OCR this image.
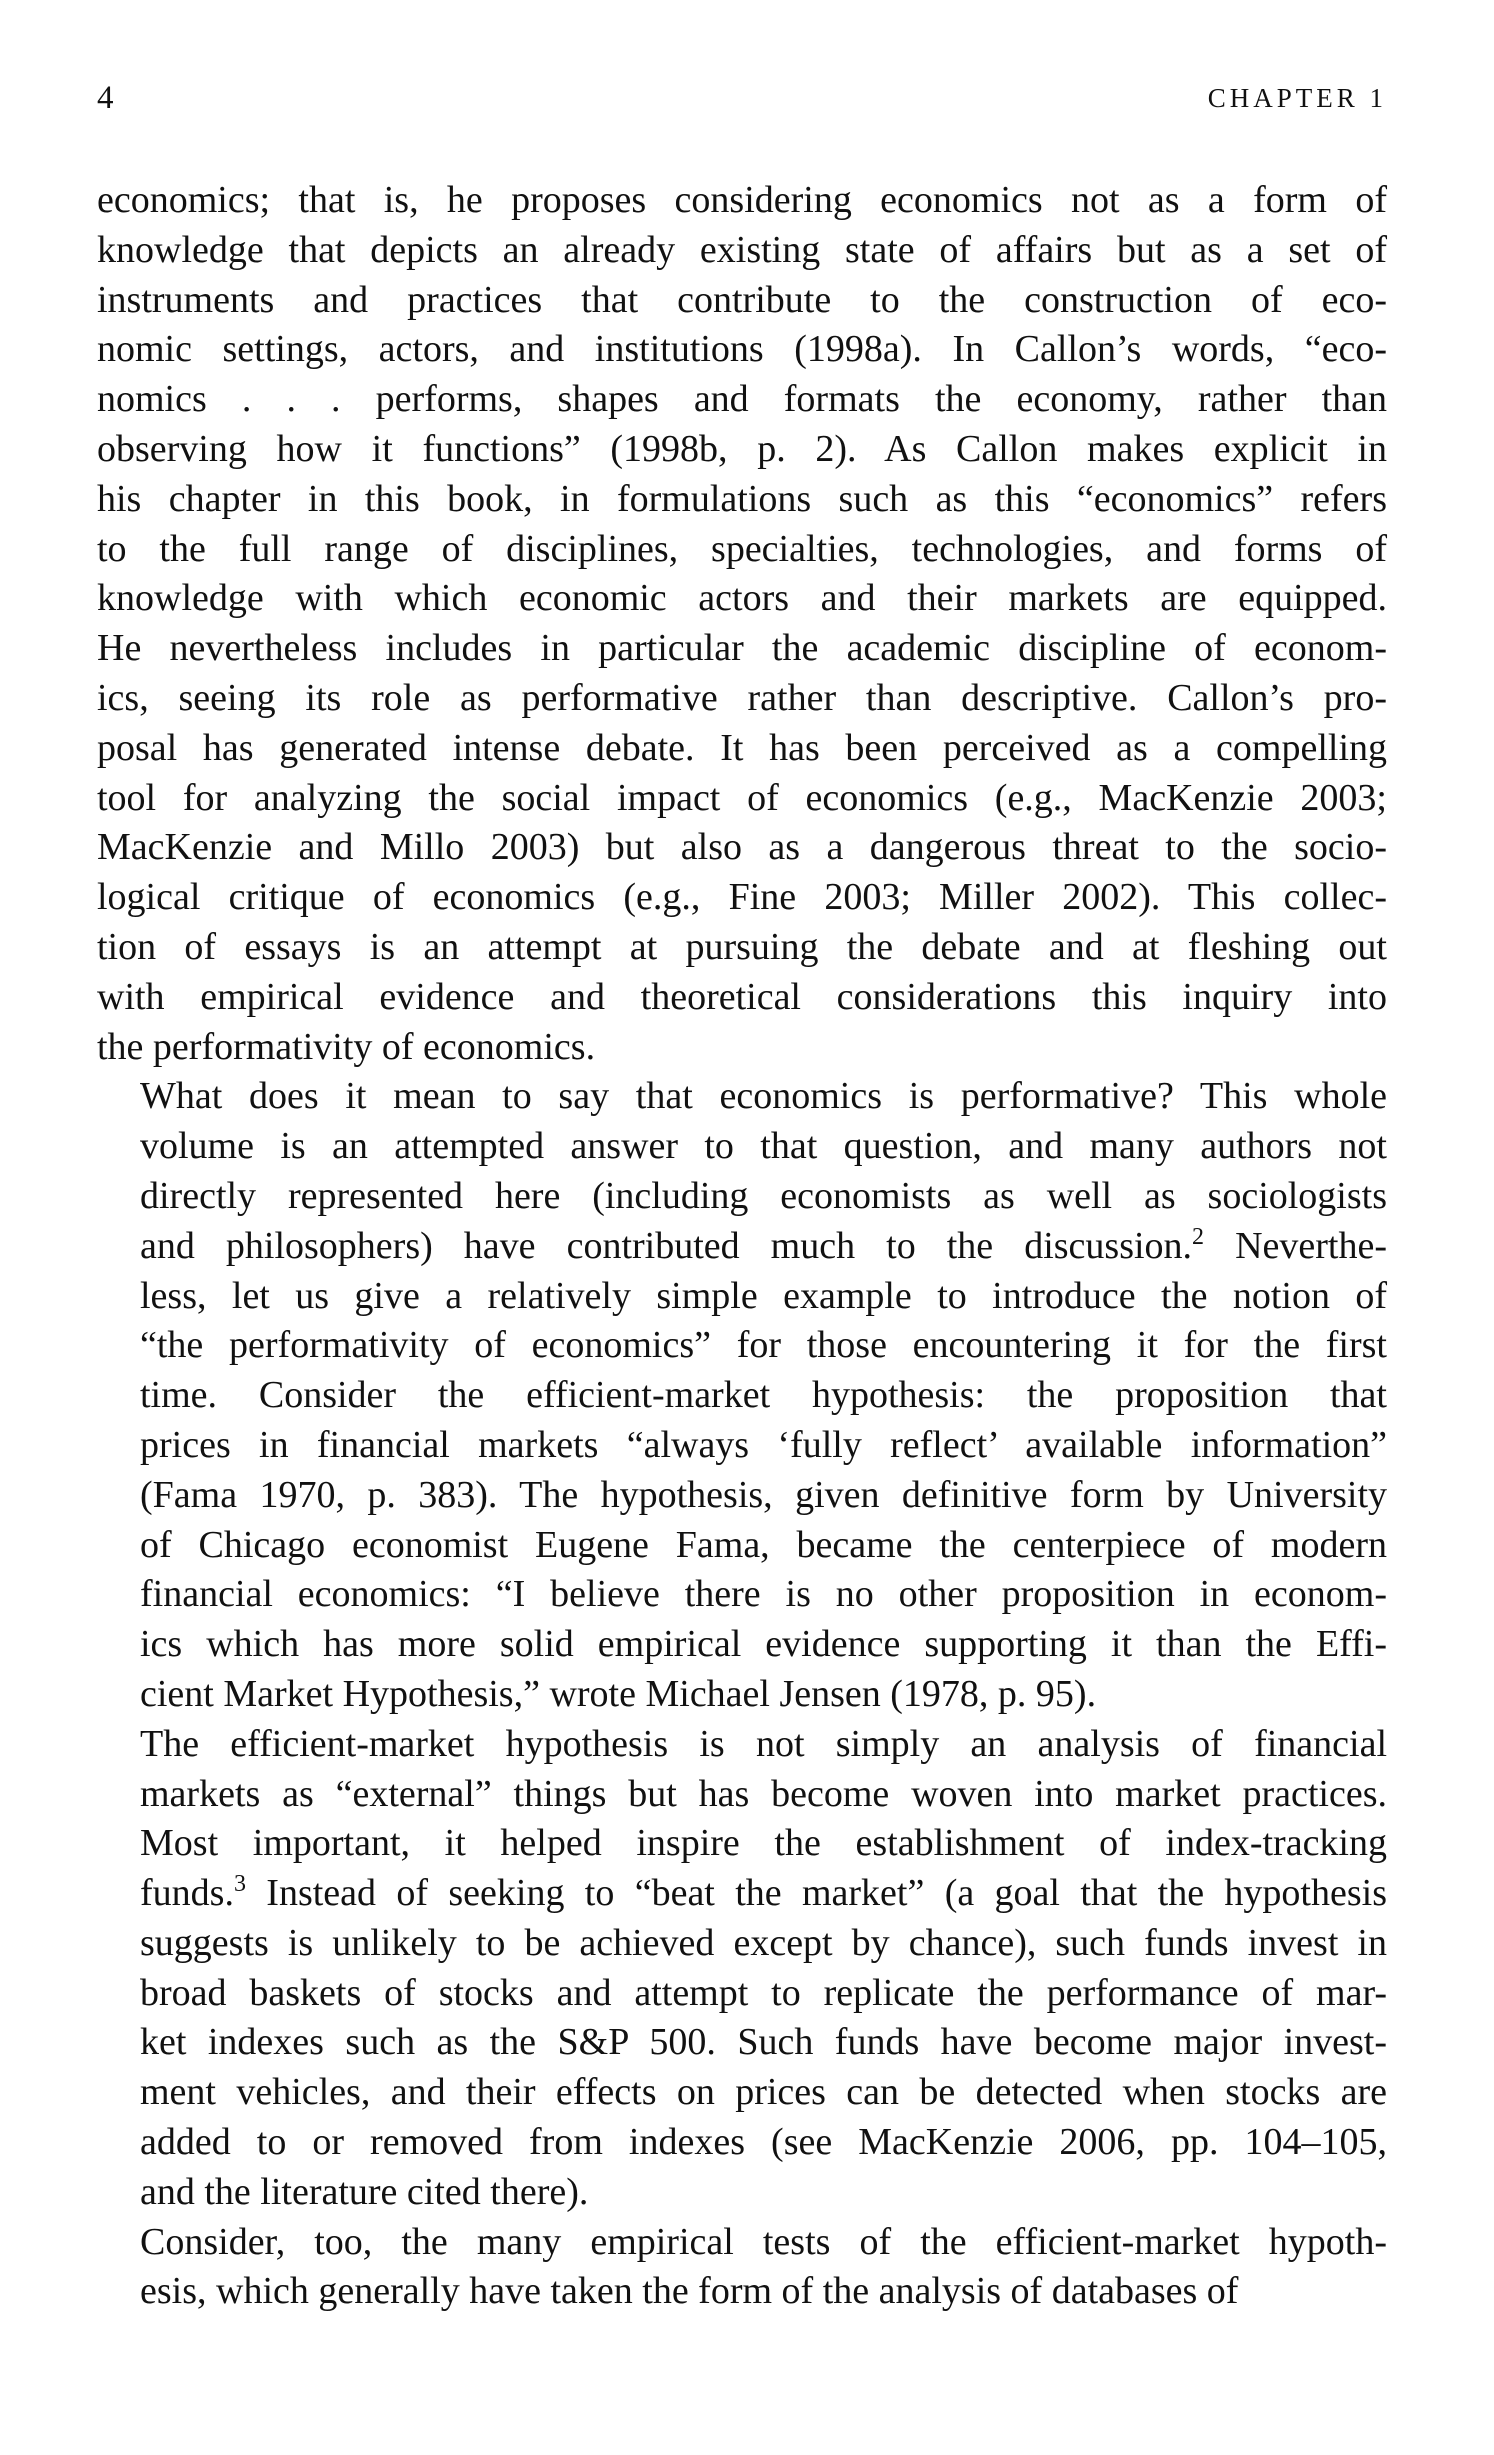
4	CHAPTER 1

economics; that is, he proposes considering economics not as a form of
knowledge that depicts an already existing state of affairs but as a set of
instruments and practices that contribute to the construction of eco-
nomic settings, actors, and institutions (1998a). In Callon’s words, “eco-
nomics . . . performs, shapes and formats the economy, rather than
observing how it functions” (1998b, p. 2). As Callon makes explicit in
his chapter in this book, in formulations such as this “economics” refers
to the full range of disciplines, specialties, technologies, and forms of
knowledge with which economic actors and their markets are equipped.
He nevertheless includes in particular the academic discipline of econom-
ics, seeing its role as performative rather than descriptive. Callon’s pro-
posal has generated intense debate. It has been perceived as a compelling
tool for analyzing the social impact of economics (e.g., MacKenzie 2003;
MacKenzie and Millo 2003) but also as a dangerous threat to the socio-
logical critique of economics (e.g., Fine 2003; Miller 2002). This collec-
tion of essays is an attempt at pursuing the debate and at fleshing out
with empirical evidence and theoretical considerations this inquiry into
the performativity of economics.

What does it mean to say that economics is performative? This whole
volume is an attempted answer to that question, and many authors not
directly represented here (including economists as well as sociologists
and philosophers) have contributed much to the discussion.$^2$ Neverthe-
less, let us give a relatively simple example to introduce the notion of
“the performativity of economics” for those encountering it for the first
time. Consider the efficient-market hypothesis: the proposition that
prices in financial markets “always ‘fully reflect’ available information”
(Fama 1970, p. 383). The hypothesis, given definitive form by University
of Chicago economist Eugene Fama, became the centerpiece of modern
financial economics: “I believe there is no other proposition in econom-
ics which has more solid empirical evidence supporting it than the Effi-
cient Market Hypothesis,” wrote Michael Jensen (1978, p. 95).

The efficient-market hypothesis is not simply an analysis of financial
markets as “external” things but has become woven into market practices.
Most important, it helped inspire the establishment of index-tracking
funds.$^3$ Instead of seeking to “beat the market” (a goal that the hypothesis
suggests is unlikely to be achieved except by chance), such funds invest in
broad baskets of stocks and attempt to replicate the performance of mar-
ket indexes such as the S&P 500. Such funds have become major invest-
ment vehicles, and their effects on prices can be detected when stocks are
added to or removed from indexes (see MacKenzie 2006, pp. 104–105,
and the literature cited there).

Consider, too, the many empirical tests of the efficient-market hypoth-
esis, which generally have taken the form of the analysis of databases of
